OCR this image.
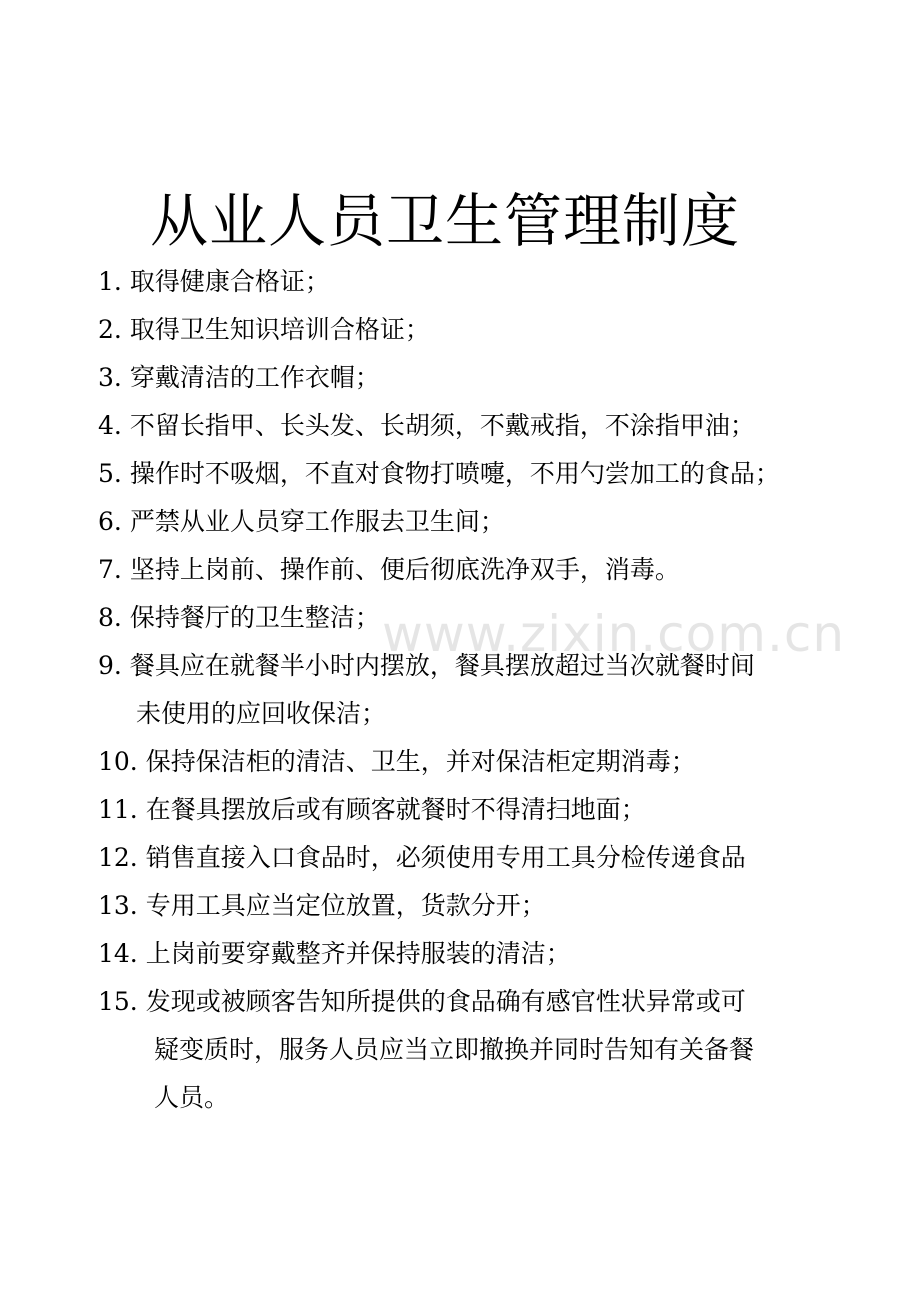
从业人员卫生管理制度
1. 取得健康合格证；
2. 取得卫生知识培训合格证；
3. 穿戴清洁的工作衣帽；
4. 不留长指甲、长头发、长胡须，不戴戒指，不涂指甲油；
5. 操作时不吸烟，不直对食物打喷嚏，不用勺尝加工的食品；
6. 严禁从业人员穿工作服去卫生间；
7. 坚持上岗前、操作前、便后彻底洗净双手，消毒。
8. 保持餐厅的卫生整洁；
9. 餐具应在就餐半小时内摆放，餐具摆放超过当次就餐时间
未使用的应回收保洁；
10. 保持保洁柜的清洁、卫生，并对保洁柜定期消毒；
11. 在餐具摆放后或有顾客就餐时不得清扫地面；
12. 销售直接入口食品时，必须使用专用工具分检传递食品
13. 专用工具应当定位放置，货款分开；
14. 上岗前要穿戴整齐并保持服装的清洁；
15. 发现或被顾客告知所提供的食品确有感官性状异常或可
疑变质时，服务人员应当立即撤换并同时告知有关备餐
人员。
www.zixin.com.cn
